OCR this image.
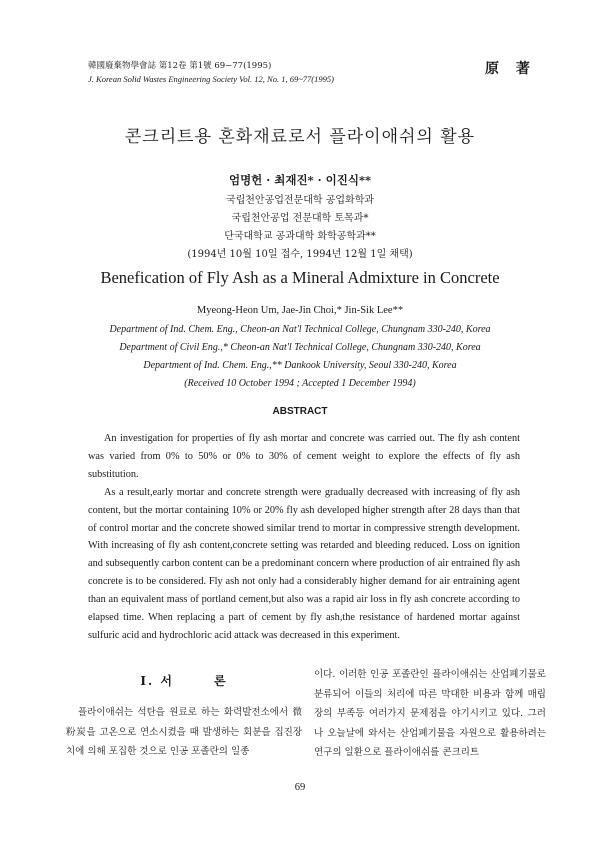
韓國廢棄物學會誌 第12卷 第1號 69~77(1995)
J. Korean Solid Wastes Engineering Society Vol. 12, No. 1, 69~77(1995)
原 著
콘크리트용 혼화재료로서 플라이애쉬의 활용
엄명헌 · 최재진* · 이진식**
국립천안공업전문대학 공업화학과
국립천안공업 전문대학 토목과*
단국대학교 공과대학 화학공학과**
(1994년 10월 10일 접수, 1994년 12월 1일 채택)
Benefication of Fly Ash as a Mineral Admixture in Concrete
Myeong-Heon Um, Jae-Jin Choi,* Jin-Sik Lee**
Department of Ind. Chem. Eng., Cheon-an Nat'l Technical College, Chungnam 330-240, Korea
Department of Civil Eng.,* Cheon-an Nat'l Technical College, Chungnam 330-240, Korea
Department of Ind. Chem. Eng.,** Dankook University, Seoul 330-240, Korea
(Received 10 October 1994 ; Accepted 1 December 1994)
ABSTRACT

An investigation for properties of fly ash mortar and concrete was carried out. The fly ash content was varied from 0% to 50% or 0% to 30% of cement weight to explore the effects of fly ash substitution.

As a result,early mortar and concrete strength were gradually decreased with increasing of fly ash content, but the mortar containing 10% or 20% fly ash developed higher strength after 28 days than that of control mortar and the concrete showed similar trend to mortar in compressive strength development. With increasing of fly ash content,concrete setting was retarded and bleeding reduced. Loss on ignition and subsequently carbon content can be a predominant concern where production of air entrained fly ash concrete is to be considered. Fly ash not only had a considerably higher demand for air entraining agent than an equivalent mass of portland cement,but also was a rapid air loss in fly ash concrete according to elapsed time. When replacing a part of cement by fly ash,the resistance of hardened mortar against sulfuric acid and hydrochloric acid attack was decreased in this experiment.

Ⅰ. 서	론
플라이애쉬는 석탄을 원료로 하는 화력발전소에서 微粉炭을 고온으로 연소시켰을 때 발생하는 회분을 집진장치에 의해 포집한 것으로 인공 포졸란의 일종
이다. 이러한 인공 포졸란인 플라이애쉬는 산업폐기물로 분류되어 이들의 처리에 따른 막대한 비용과 함께 매립장의 부족등 여러가지 문제점을 야기시키고 있다. 그러나 오늘날에 와서는 산업폐기물을 자원으로 활용하려는 연구의 일환으로 플라이애쉬를 콘크리트
69
